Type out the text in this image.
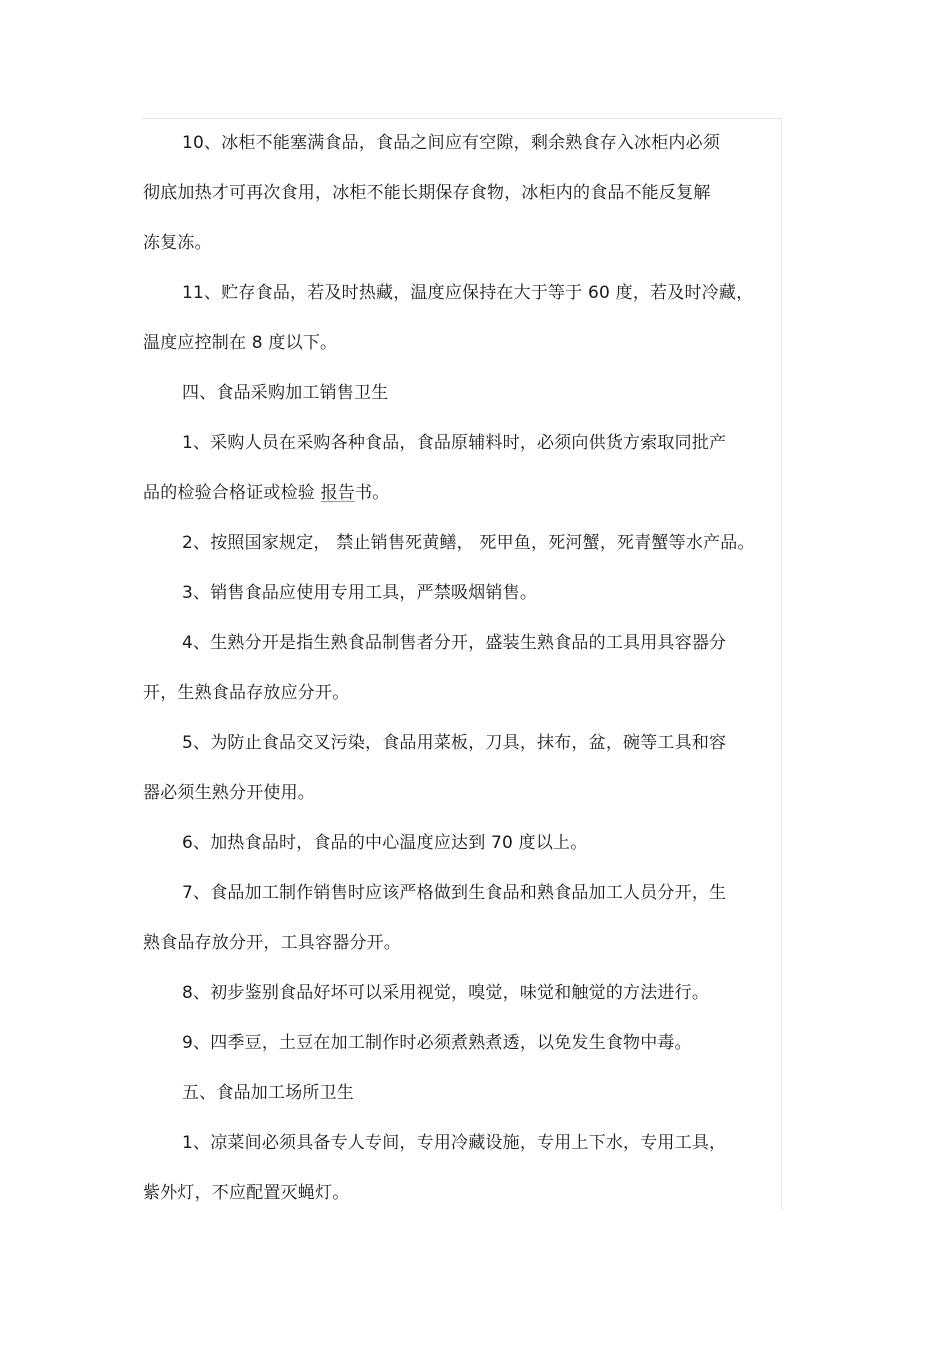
10、冰柜不能塞满食品，食品之间应有空隙，剩余熟食存入冰柜内必须
彻底加热才可再次食用，冰柜不能长期保存食物，冰柜内的食品不能反复解
冻复冻。
11、贮存食品，若及时热藏，温度应保持在大于等于 60 度，若及时冷藏，
温度应控制在 8 度以下。
四、食品采购加工销售卫生
1、采购人员在采购各种食品，食品原辅料时，必须向供货方索取同批产
品的检验合格证或检验 报告书。
2、按照国家规定， 禁止销售死黄鳝， 死甲鱼，死河蟹，死青蟹等水产品。
3、销售食品应使用专用工具，严禁吸烟销售。
4、生熟分开是指生熟食品制售者分开，盛装生熟食品的工具用具容器分
开，生熟食品存放应分开。
5、为防止食品交叉污染，食品用菜板，刀具，抹布，盆，碗等工具和容
器必须生熟分开使用。
6、加热食品时，食品的中心温度应达到 70 度以上。
7、食品加工制作销售时应该严格做到生食品和熟食品加工人员分开，生
熟食品存放分开，工具容器分开。
8、初步鉴别食品好坏可以采用视觉，嗅觉，味觉和触觉的方法进行。
9、四季豆，土豆在加工制作时必须煮熟煮透，以免发生食物中毒。
五、食品加工场所卫生
1、凉菜间必须具备专人专间，专用冷藏设施，专用上下水，专用工具，
紫外灯，不应配置灭蝇灯。
